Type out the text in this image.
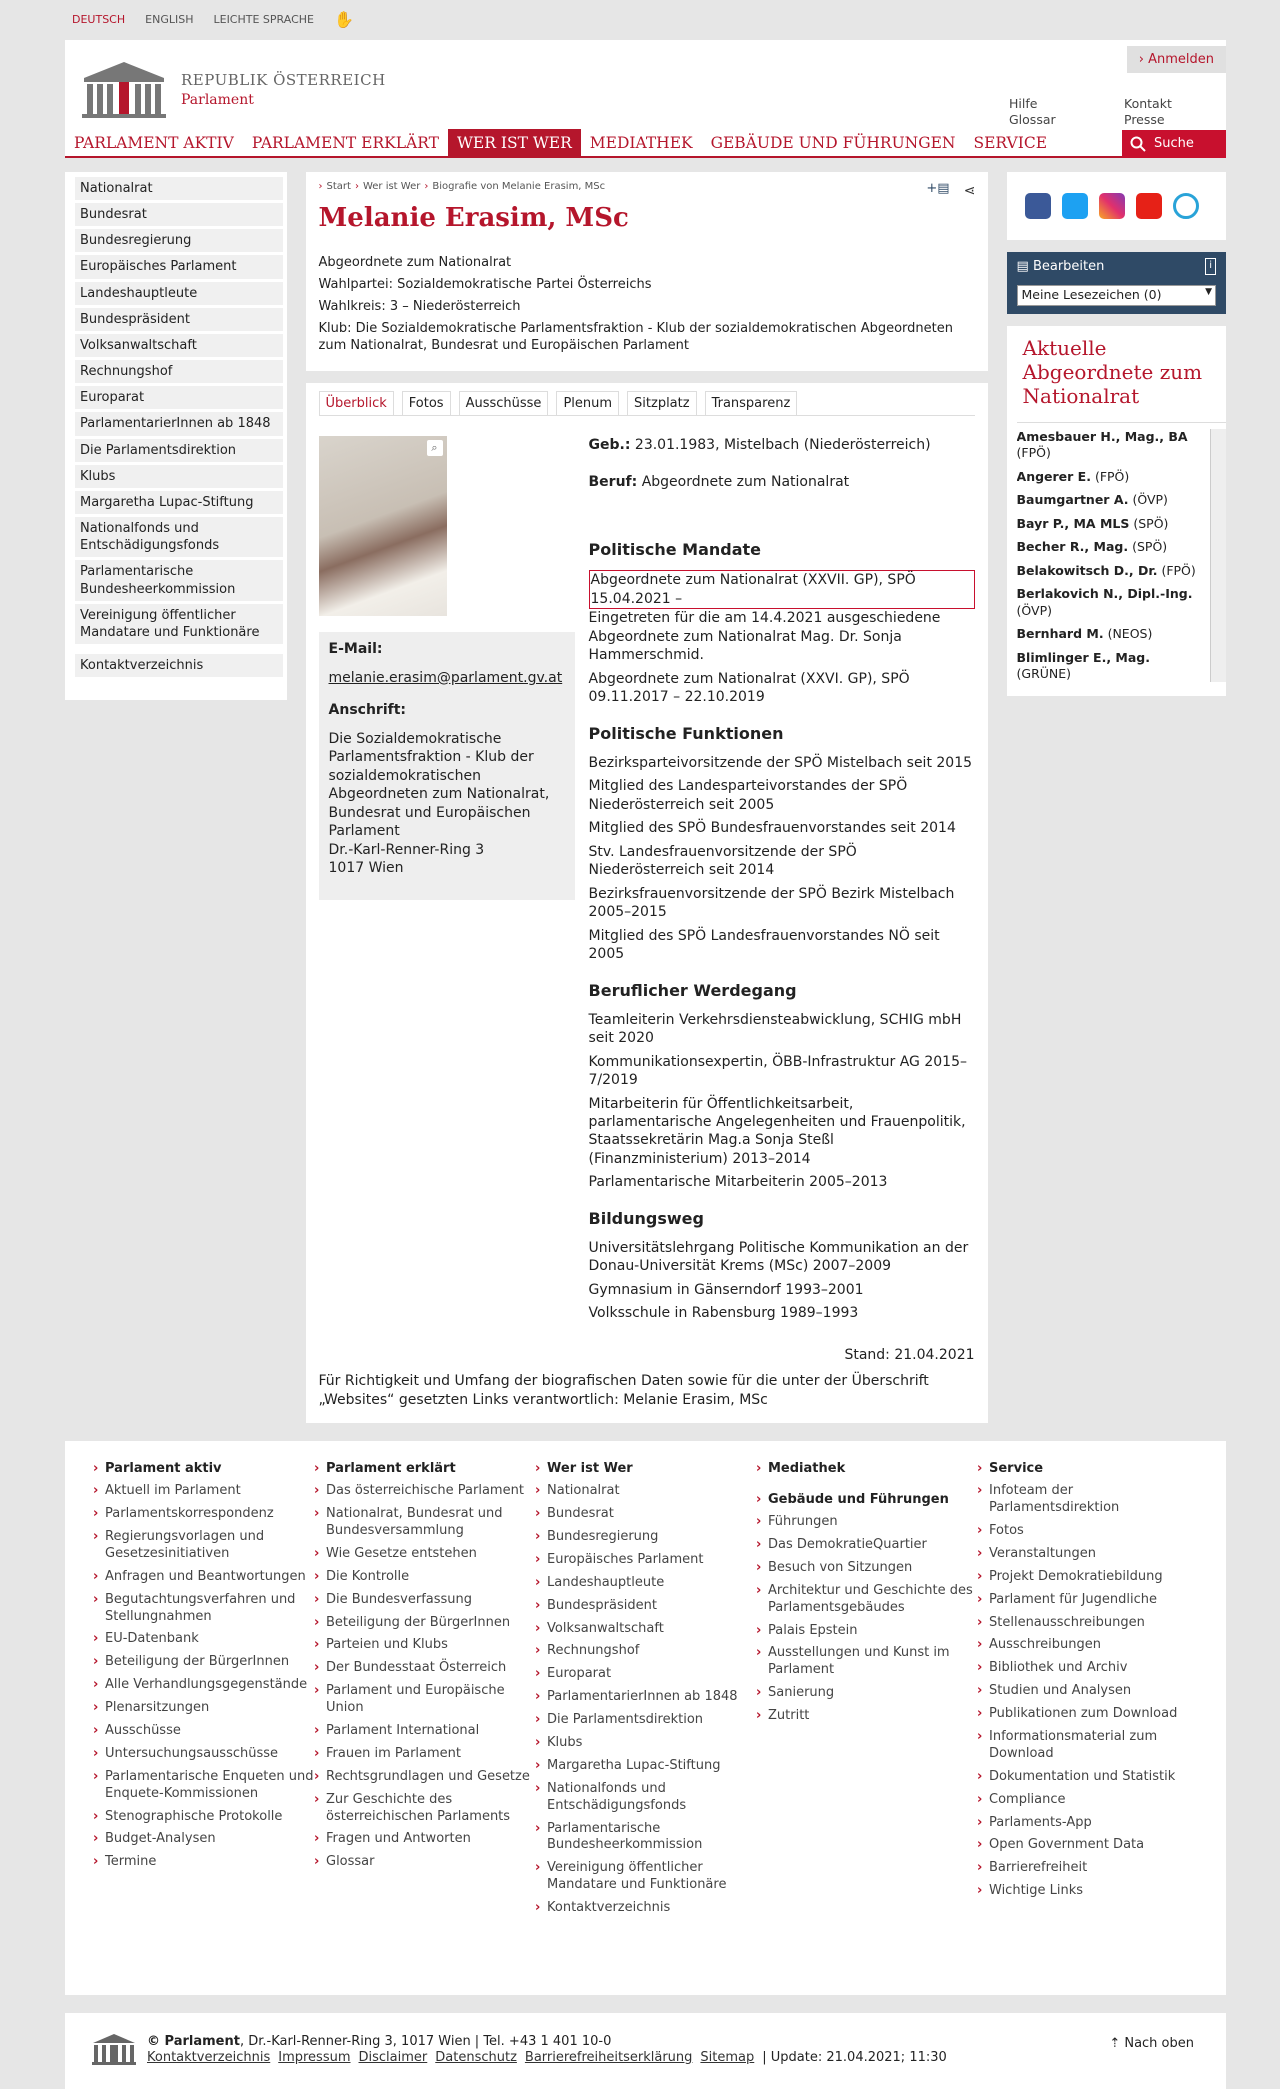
DEUTSCH ENGLISH LEICHTE SPRACHE ✋
REPUBLIK ÖSTERREICH
Parlament
› Anmelden
Hilfe	Kontakt
Glossar	Presse
PARLAMENT AKTIV	PARLAMENT ERKLÄRT	WER IST WER	MEDIATHEK	GEBÄUDE UND FÜHRUNGEN	SERVICE	Suche
Nationalrat
Bundesrat
Bundesregierung
Europäisches Parlament
Landeshauptleute
Bundespräsident
Volksanwaltschaft
Rechnungshof
Europarat
ParlamentarierInnen ab 1848
Die Parlamentsdirektion
Klubs
Margaretha Lupac-Stiftung
Nationalfonds und Entschädigungsfonds
Parlamentarische Bundesheerkommission
Vereinigung öffentlicher Mandatare und Funktionäre
Kontaktverzeichnis
› Start › Wer ist Wer › Biografie von Melanie Erasim, MSc	+▤ ⋖
Melanie Erasim, MSc
Abgeordnete zum Nationalrat
Wahlpartei: Sozialdemokratische Partei Österreichs
Wahlkreis: 3 – Niederösterreich
Klub: Die Sozialdemokratische Parlamentsfraktion - Klub der sozialdemokratischen Abgeordneten zum Nationalrat, Bundesrat und Europäischen Parlament
Überblick	Fotos	Ausschüsse	Plenum	Sitzplatz	Transparenz
⌕
E-Mail:
melanie.erasim@parlament.gv.at
Anschrift:
Die Sozialdemokratische Parlamentsfraktion - Klub der sozialdemokratischen Abgeordneten zum Nationalrat, Bundesrat und Europäischen Parlament
Dr.-Karl-Renner-Ring 3
1017 Wien

Geb.: 23.01.1983, Mistelbach (Niederösterreich)

Beruf: Abgeordnete zum Nationalrat

Politische Mandate

Abgeordnete zum Nationalrat (XXVII. GP), SPÖ 15.04.2021 –

Eingetreten für die am 14.4.2021 ausgeschiedene Abgeordnete zum Nationalrat Mag. Dr. Sonja Hammerschmid.

Abgeordnete zum Nationalrat (XXVI. GP), SPÖ 09.11.2017 – 22.10.2019

Politische Funktionen

Bezirksparteivorsitzende der SPÖ Mistelbach seit 2015

Mitglied des Landesparteivorstandes der SPÖ Niederösterreich seit 2005

Mitglied des SPÖ Bundesfrauenvorstandes seit 2014

Stv. Landesfrauenvorsitzende der SPÖ Niederösterreich seit 2014

Bezirksfrauenvorsitzende der SPÖ Bezirk Mistelbach 2005–2015

Mitglied des SPÖ Landesfrauenvorstandes NÖ seit 2005

Beruflicher Werdegang

Teamleiterin Verkehrsdiensteabwicklung, SCHIG mbH seit 2020

Kommunikationsexpertin, ÖBB-Infrastruktur AG 2015–7/2019

Mitarbeiterin für Öffentlichkeitsarbeit, parlamentarische Angelegenheiten und Frauenpolitik, Staatssekretärin Mag.a Sonja Steßl (Finanzministerium) 2013–2014

Parlamentarische Mitarbeiterin 2005–2013

Bildungsweg

Universitätslehrgang Politische Kommunikation an der Donau-Universität Krems (MSc) 2007–2009

Gymnasium in Gänserndorf 1993–2001

Volksschule in Rabensburg 1989–1993

Stand: 21.04.2021
Für Richtigkeit und Umfang der biografischen Daten sowie für die unter der Überschrift „Websites“ gesetzten Links verantwortlich: Melanie Erasim, MSc
▤ Bearbeiten	i
Meine Lesezeichen (0)	▼
Aktuelle Abgeordnete zum Nationalrat
Amesbauer H., Mag., BA (FPÖ)
Angerer E. (FPÖ)
Baumgartner A. (ÖVP)
Bayr P., MA MLS (SPÖ)
Becher R., Mag. (SPÖ)
Belakowitsch D., Dr. (FPÖ)
Berlakovich N., Dipl.-Ing. (ÖVP)
Bernhard M. (NEOS)
Blimlinger E., Mag. (GRÜNE)
› Parlament aktiv
› Aktuell im Parlament
› Parlamentskorrespondenz
› Regierungsvorlagen und Gesetzesinitiativen
› Anfragen und Beantwortungen
› Begutachtungsverfahren und Stellungnahmen
› EU-Datenbank
› Beteiligung der BürgerInnen
› Alle Verhandlungsgegenstände
› Plenarsitzungen
› Ausschüsse
› Untersuchungsausschüsse
› Parlamentarische Enqueten und Enquete-Kommissionen
› Stenographische Protokolle
› Budget-Analysen
› Termine
› Parlament erklärt
› Das österreichische Parlament
› Nationalrat, Bundesrat und Bundesversammlung
› Wie Gesetze entstehen
› Die Kontrolle
› Die Bundesverfassung
› Beteiligung der BürgerInnen
› Parteien und Klubs
› Der Bundesstaat Österreich
› Parlament und Europäische Union
› Parlament International
› Frauen im Parlament
› Rechtsgrundlagen und Gesetze
› Zur Geschichte des österreichischen Parlaments
› Fragen und Antworten
› Glossar
› Wer ist Wer
› Nationalrat
› Bundesrat
› Bundesregierung
› Europäisches Parlament
› Landeshauptleute
› Bundespräsident
› Volksanwaltschaft
› Rechnungshof
› Europarat
› ParlamentarierInnen ab 1848
› Die Parlamentsdirektion
› Klubs
› Margaretha Lupac-Stiftung
› Nationalfonds und Entschädigungsfonds
› Parlamentarische Bundesheerkommission
› Vereinigung öffentlicher Mandatare und Funktionäre
› Kontaktverzeichnis
› Mediathek
› Gebäude und Führungen
› Führungen
› Das DemokratieQuartier
› Besuch von Sitzungen
› Architektur und Geschichte des Parlamentsgebäudes
› Palais Epstein
› Ausstellungen und Kunst im Parlament
› Sanierung
› Zutritt
› Service
› Infoteam der Parlamentsdirektion
› Fotos
› Veranstaltungen
› Projekt Demokratiebildung
› Parlament für Jugendliche
› Stellenausschreibungen
› Ausschreibungen
› Bibliothek und Archiv
› Studien und Analysen
› Publikationen zum Download
› Informationsmaterial zum Download
› Dokumentation und Statistik
› Compliance
› Parlaments-App
› Open Government Data
› Barrierefreiheit
› Wichtige Links
© Parlament, Dr.-Karl-Renner-Ring 3, 1017 Wien | Tel. +43 1 401 10-0
Kontaktverzeichnis Impressum Disclaimer Datenschutz Barrierefreiheitserklärung Sitemap | Update: 21.04.2021; 11:30
⇡ Nach oben
